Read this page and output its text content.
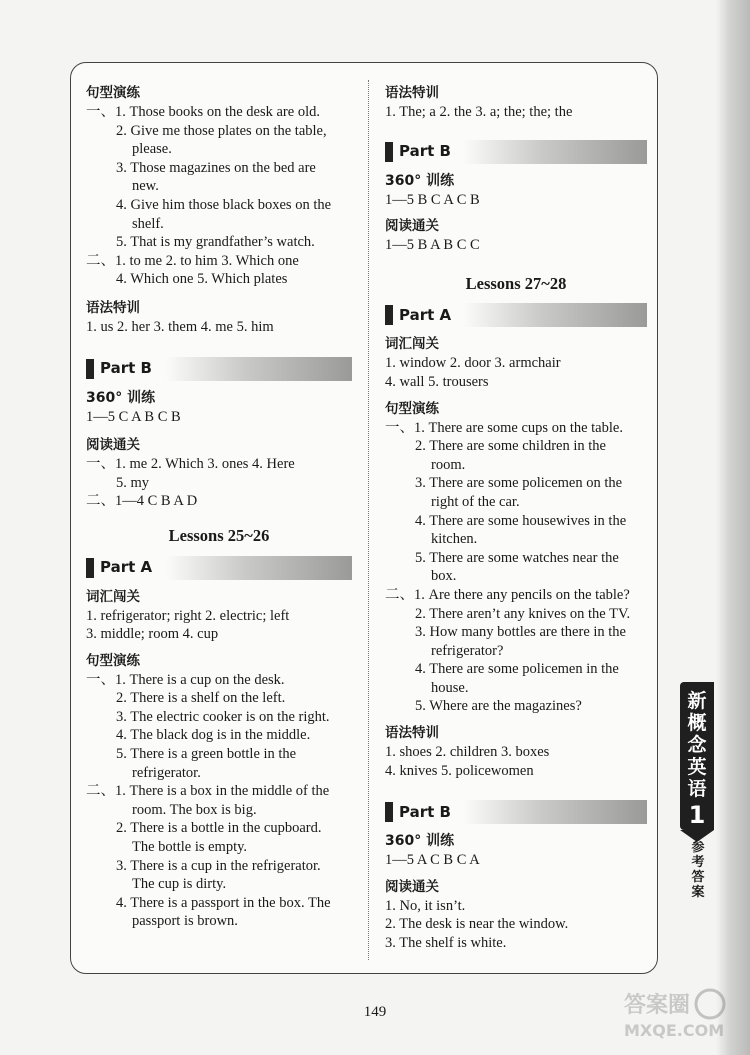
句型演练
一、1. Those books on the desk are old.
2. Give me those plates on the table,
please.
3. Those magazines on the bed are
new.
4. Give him those black boxes on the
shelf.
5. That is my grandfather’s watch.
二、1. to me 2. to him 3. Which one
4. Which one 5. Which plates
语法特训
1. us 2. her 3. them 4. me 5. him
Part B
360° 训练
1—5 C A B C B
阅读通关
一、1. me 2. Which 3. ones 4. Here
5. my
二、1—4 C B A D
Lessons 25~26
Part A
词汇闯关
1. refrigerator; right 2. electric; left
3. middle; room 4. cup
句型演练
一、1. There is a cup on the desk.
2. There is a shelf on the left.
3. The electric cooker is on the right.
4. The black dog is in the middle.
5. There is a green bottle in the
refrigerator.
二、1. There is a box in the middle of the
room. The box is big.
2. There is a bottle in the cupboard.
The bottle is empty.
3. There is a cup in the refrigerator.
The cup is dirty.
4. There is a passport in the box. The
passport is brown.
语法特训
1. The; a 2. the 3. a; the; the; the
Part B
360° 训练
1—5 B C A C B
阅读通关
1—5 B A B C C
Lessons 27~28
Part A
词汇闯关
1. window 2. door 3. armchair
4. wall 5. trousers
句型演练
一、1. There are some cups on the table.
2. There are some children in the
room.
3. There are some policemen on the
right of the car.
4. There are some housewives in the
kitchen.
5. There are some watches near the
box.
二、1. Are there any pencils on the table?
2. There aren’t any knives on the TV.
3. How many bottles are there in the
refrigerator?
4. There are some policemen in the
house.
5. Where are the magazines?
语法特训
1. shoes 2. children 3. boxes
4. knives 5. policewomen
Part B
360° 训练
1—5 A C B C A
阅读通关
1. No, it isn’t.
2. The desk is near the window.
3. The shelf is white.
新
概
念
英
语
1
参
考
答
案
149	答案圈
MXQE.COM
